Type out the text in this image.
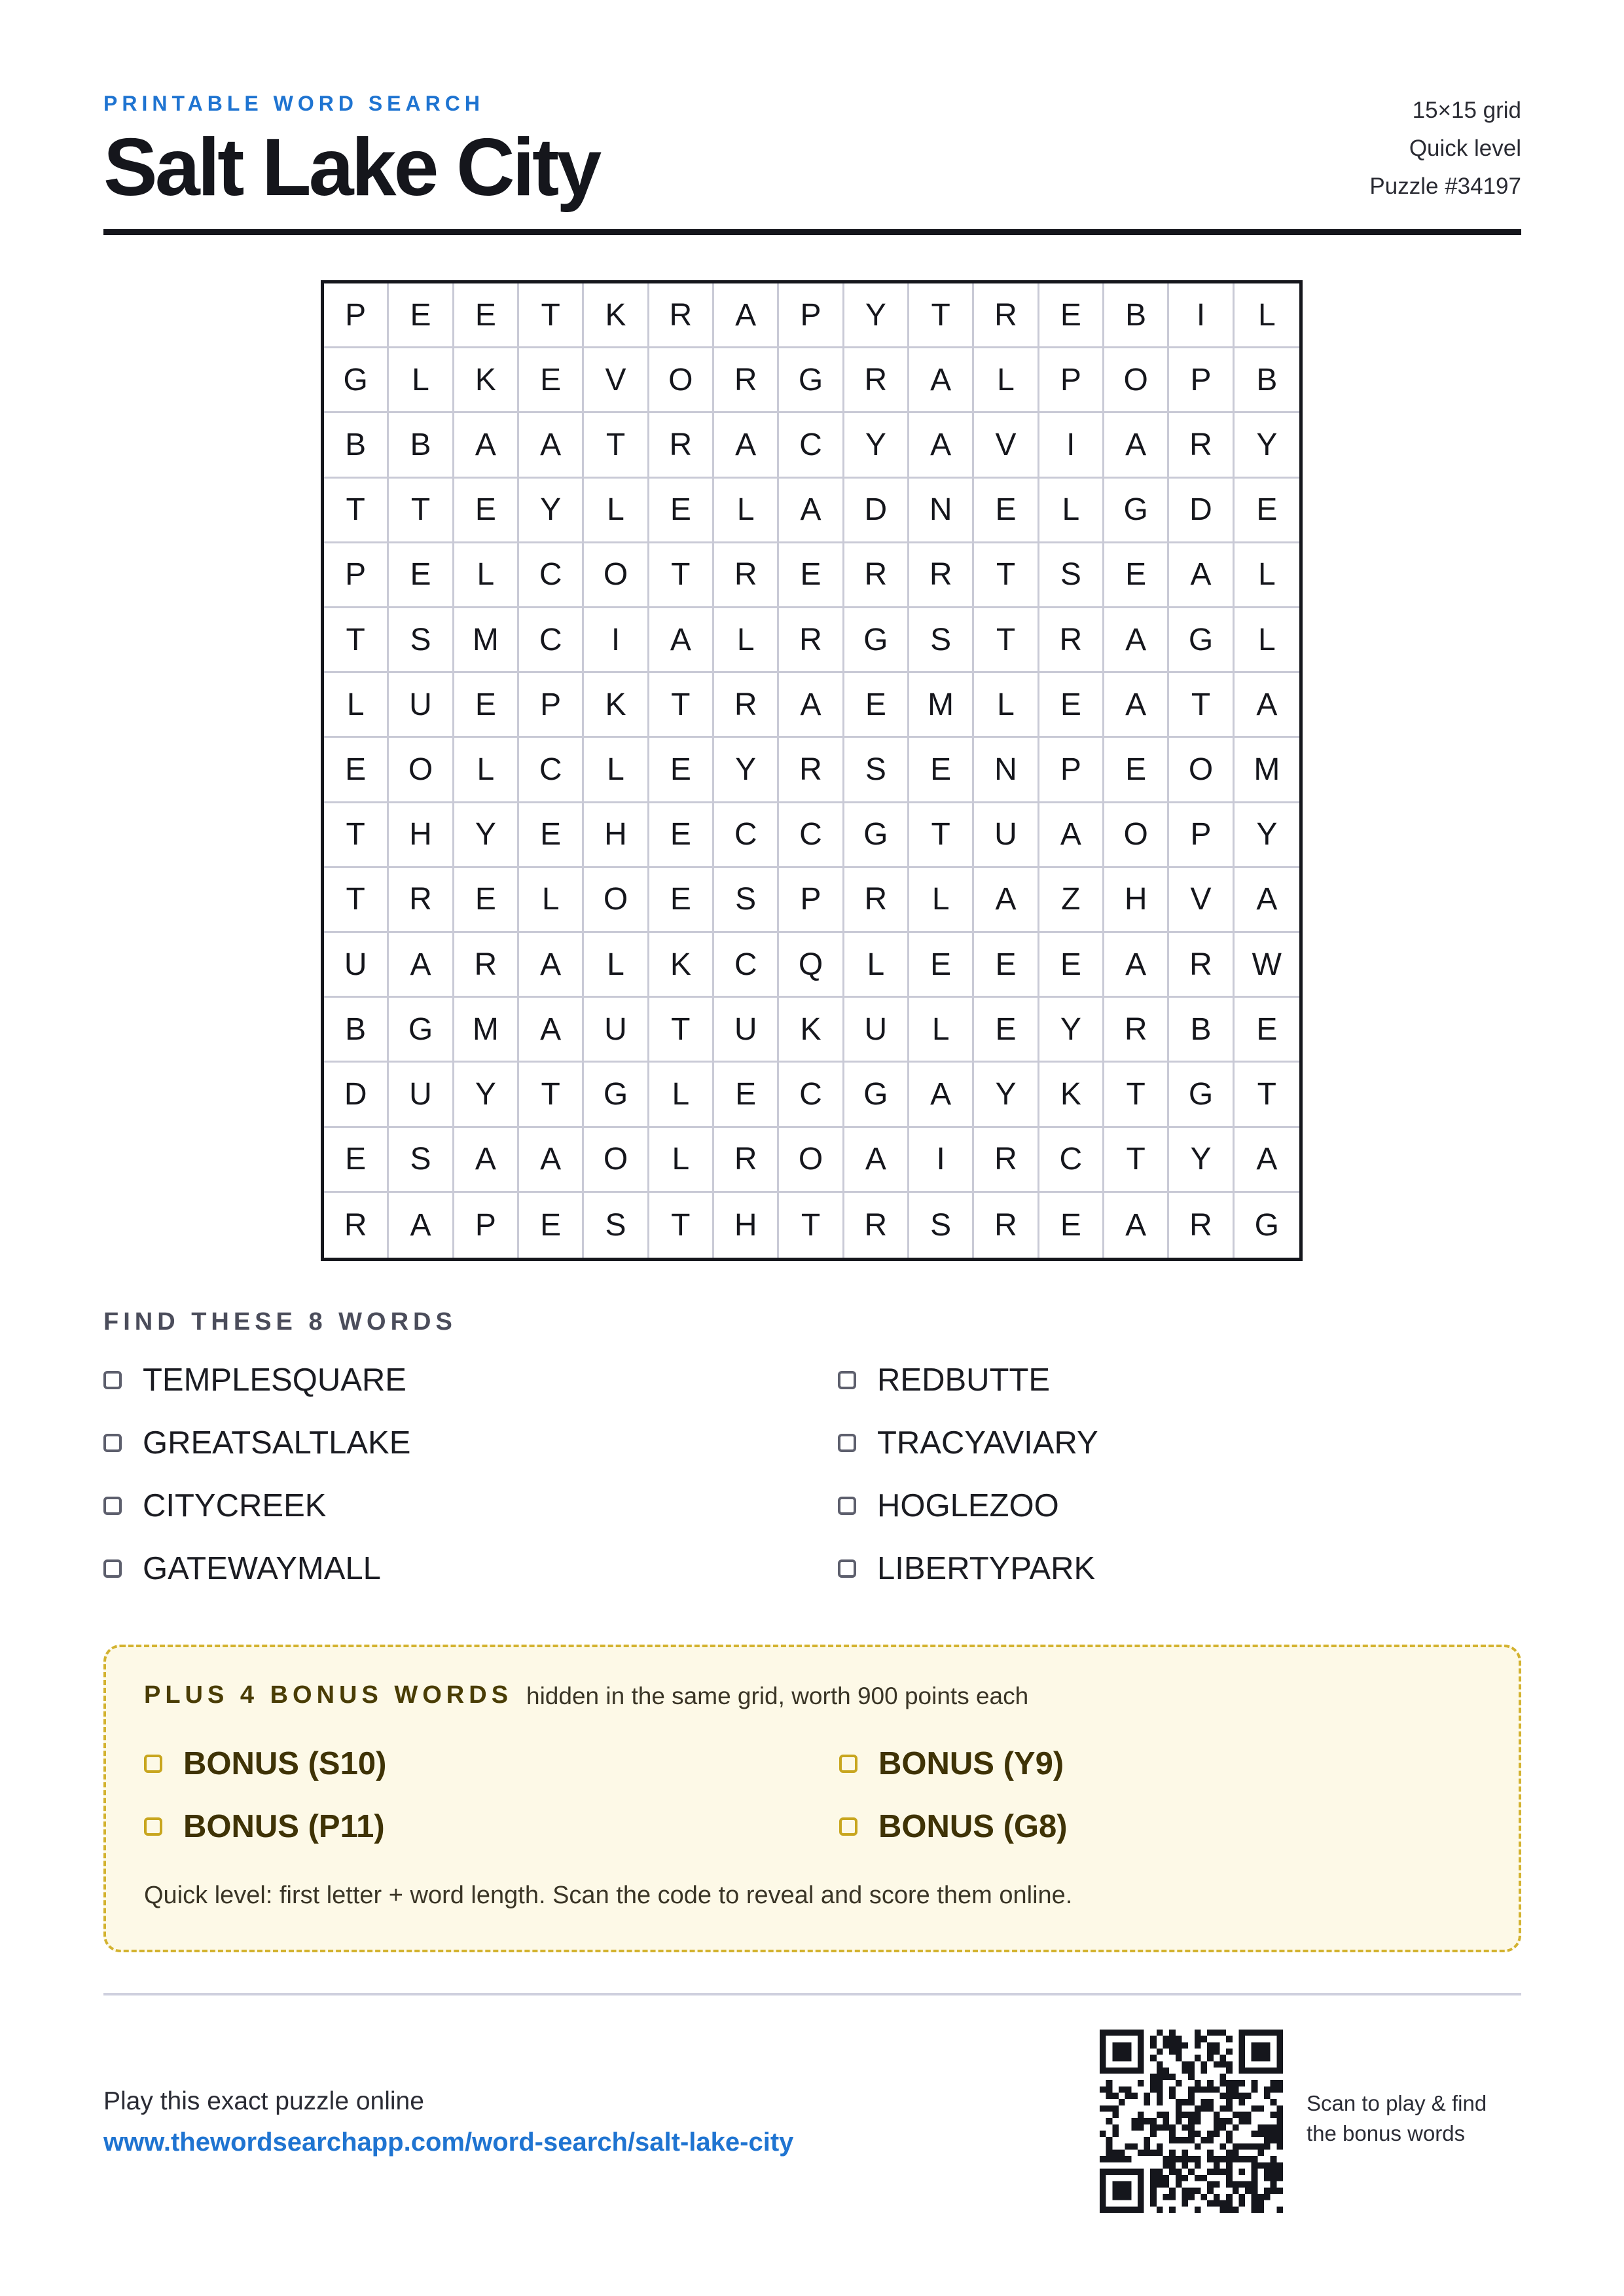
PRINTABLE WORD SEARCH
Salt Lake City
15×15 grid
Quick level
Puzzle #34197
P	E	E	T	K	R	A	P	Y	T	R	E	B	I	L
G	L	K	E	V	O	R	G	R	A	L	P	O	P	B
B	B	A	A	T	R	A	C	Y	A	V	I	A	R	Y
T	T	E	Y	L	E	L	A	D	N	E	L	G	D	E
P	E	L	C	O	T	R	E	R	R	T	S	E	A	L
T	S	M	C	I	A	L	R	G	S	T	R	A	G	L
L	U	E	P	K	T	R	A	E	M	L	E	A	T	A
E	O	L	C	L	E	Y	R	S	E	N	P	E	O	M
T	H	Y	E	H	E	C	C	G	T	U	A	O	P	Y
T	R	E	L	O	E	S	P	R	L	A	Z	H	V	A
U	A	R	A	L	K	C	Q	L	E	E	E	A	R	W
B	G	M	A	U	T	U	K	U	L	E	Y	R	B	E
D	U	Y	T	G	L	E	C	G	A	Y	K	T	G	T
E	S	A	A	O	L	R	O	A	I	R	C	T	Y	A
R	A	P	E	S	T	H	T	R	S	R	E	A	R	G
FIND THESE 8 WORDS
TEMPLESQUARE	REDBUTTE
GREATSALTLAKE	TRACYAVIARY
CITYCREEK	HOGLEZOO
GATEWAYMALL	LIBERTYPARK
PLUS 4 BONUS WORDS hidden in the same grid, worth 900 points each
BONUS (S10)	BONUS (Y9)
BONUS (P11)	BONUS (G8)
Quick level: first letter + word length. Scan the code to reveal and score them online.
Play this exact puzzle online
www.thewordsearchapp.com/word-search/salt-lake-city
Scan to play & find
the bonus words
